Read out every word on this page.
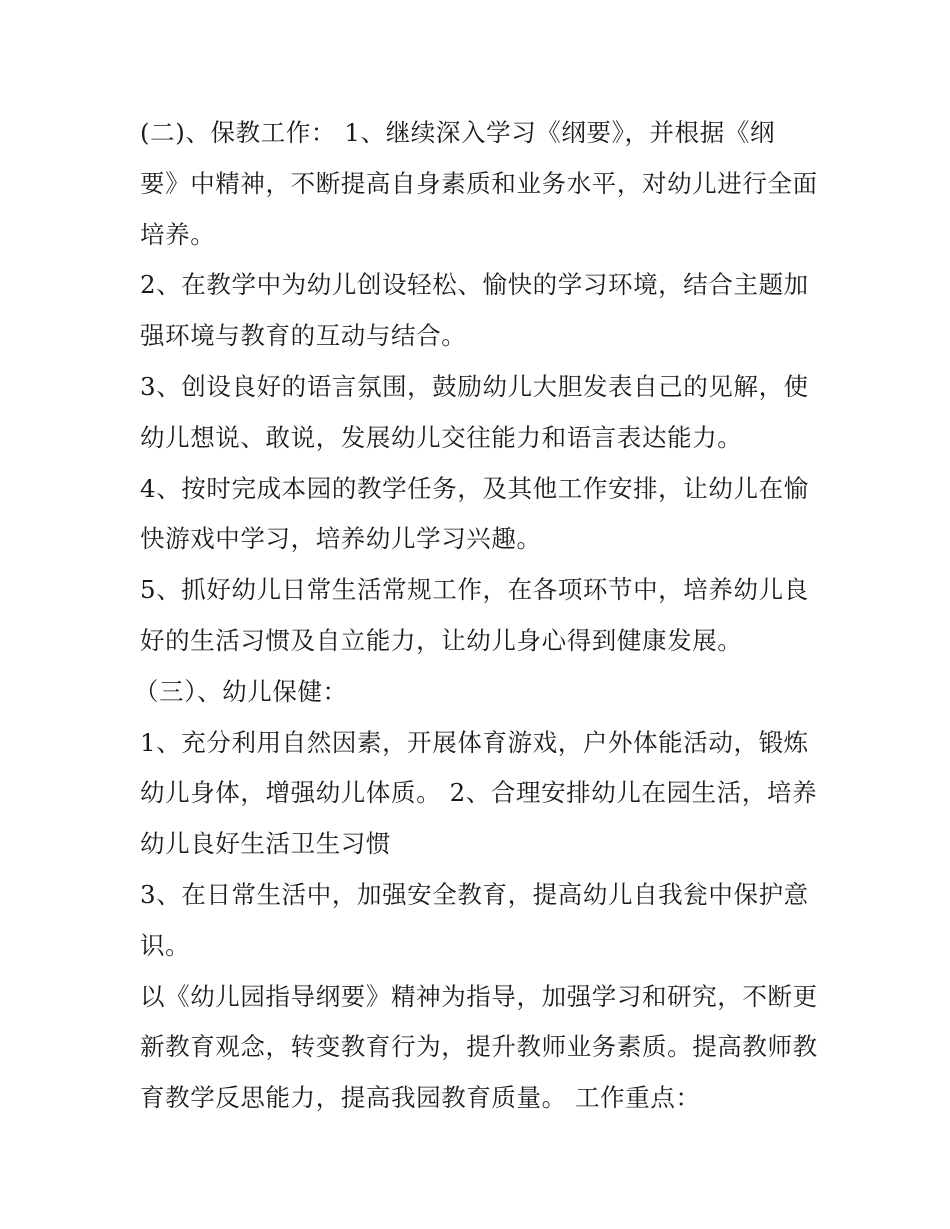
(二)、保教工作： 1、继续深入学习《纲要》，并根据《纲
要》中精神，不断提高自身素质和业务水平，对幼儿进行全面
培养。
2、在教学中为幼儿创设轻松、愉快的学习环境，结合主题加
强环境与教育的互动与结合。
3、创设良好的语言氛围，鼓励幼儿大胆发表自己的见解，使
幼儿想说、敢说，发展幼儿交往能力和语言表达能力。
4、按时完成本园的教学任务，及其他工作安排，让幼儿在愉
快游戏中学习，培养幼儿学习兴趣。
5、抓好幼儿日常生活常规工作，在各项环节中，培养幼儿良
好的生活习惯及自立能力，让幼儿身心得到健康发展。
（三）、幼儿保健：
1、充分利用自然因素，开展体育游戏，户外体能活动，锻炼
幼儿身体，增强幼儿体质。 2、合理安排幼儿在园生活，培养
幼儿良好生活卫生习惯
3、在日常生活中，加强安全教育，提高幼儿自我瓮中保护意
识。
以《幼儿园指导纲要》精神为指导，加强学习和研究，不断更
新教育观念，转变教育行为，提升教师业务素质。提高教师教
育教学反思能力，提高我园教育质量。 工作重点：
